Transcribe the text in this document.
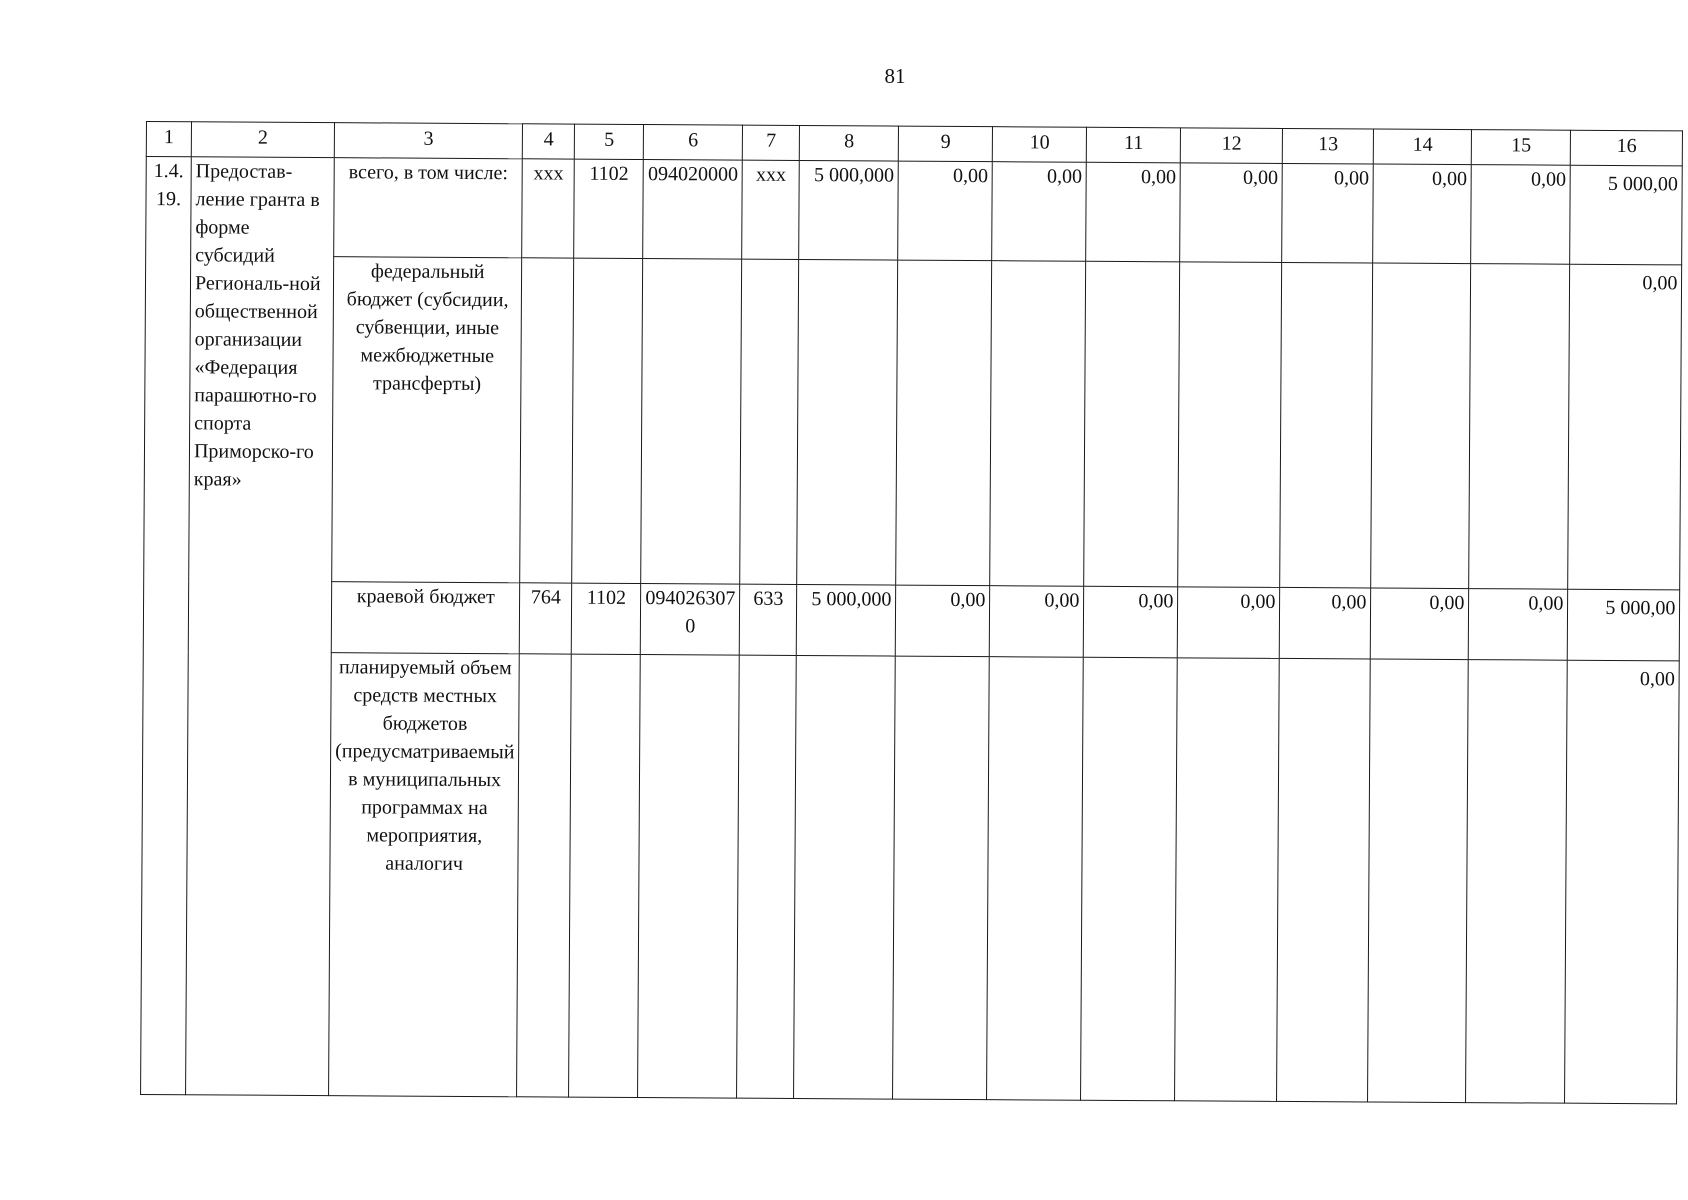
81
1	2	3	4	5	6	7	8	9	10	11	12	13	14	15	16
1.4.19.	Предостав-ление гранта в форме субсидий Региональ-ной общественной организации «Федерация парашютно-го спорта Приморско-го края»	всего, в том числе:	xxx	1102	094020000	xxx	5 000,000	0,00	0,00	0,00	0,00	0,00	0,00	0,00	5 000,00
		федеральный бюджет (субсидии, субвенции, иные межбюджетные трансферты)													0,00
		краевой бюджет	764	1102	0940263070	633	5 000,000	0,00	0,00	0,00	0,00	0,00	0,00	0,00	5 000,00
		планируемый объем средств местных бюджетов (предусматриваемый в муниципальных программах на мероприятия, аналогич													0,00
